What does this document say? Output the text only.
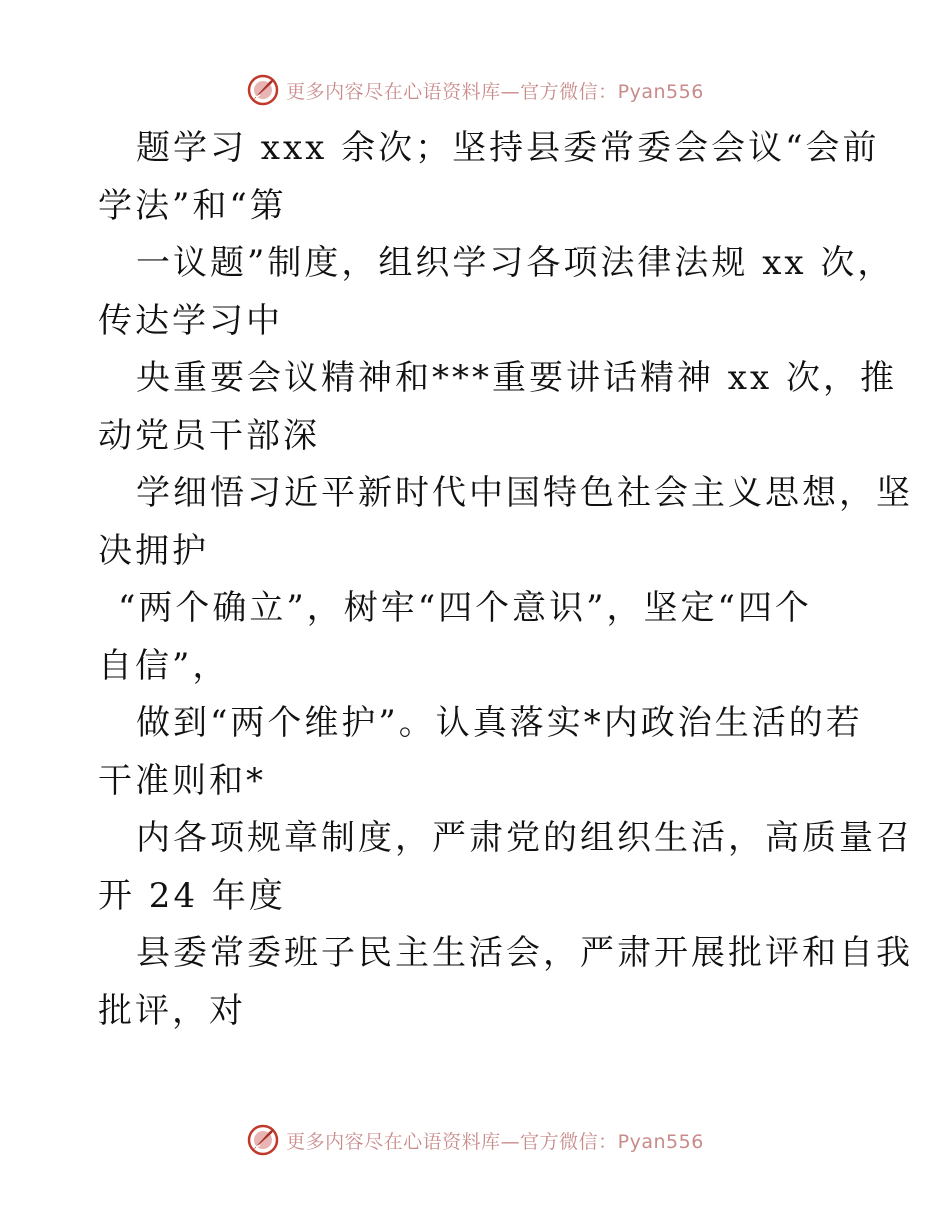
更多内容尽在心语资料库—官方微信：Pyan556
题学习 xxx 余次；坚持县委常委会会议“会前
学法”和“第
一议题”制度，组织学习各项法律法规 xx 次，
传达学习中
央重要会议精神和***重要讲话精神 xx 次，推
动党员干部深
学细悟习近平新时代中国特色社会主义思想，坚
决拥护
“两个确立”，树牢“四个意识”，坚定“四个
自信”，
做到“两个维护”。认真落实*内政治生活的若
干准则和*
内各项规章制度，严肃党的组织生活，高质量召
开 24 年度
县委常委班子民主生活会，严肃开展批评和自我
批评，对
更多内容尽在心语资料库—官方微信：Pyan556
